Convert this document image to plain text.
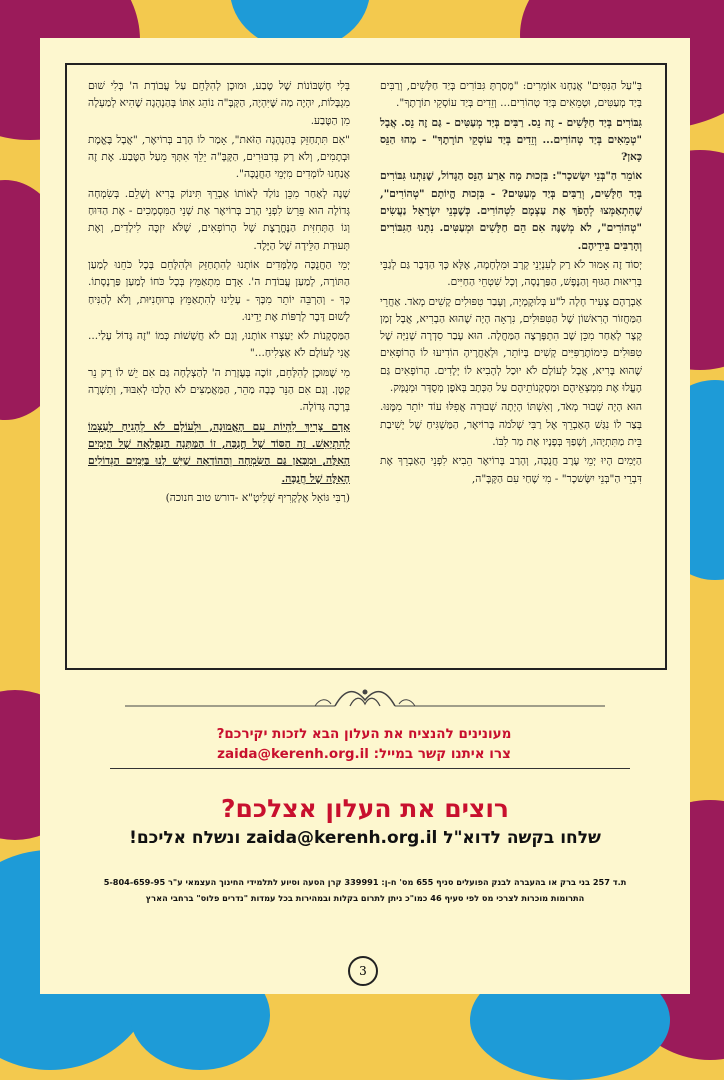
בְּ"עַל הַנִּסִּים" אֲנַחְנוּ אוֹמְרִים: "מָסַרְתָּ גִּבּוֹרִים בְּיַד חַלָּשִׁים, וְרַבִּים בְּיַד מְעַטִּים, וּטְמֵאִים בְּיַד טְהוֹרִים... וְזֵדִים בְּיַד עוֹסְקֵי תוֹרָתֶךָ".

גִּבּוֹרִים בְּיַד חַלָּשִׁים - זֶה נֵס. רַבִּים בְּיַד מְעַטִּים - גַּם זֶה נֵס. אֲבָל "טְמֵאִים בְּיַד טְהוֹרִים... וְזֵדִים בְּיַד עוֹסְקֵי תוֹרָתֶךָ" - מַהוּ הַנֵּס כָּאן?

אוֹמֵר הַ"בְּנֵי יִשָּׂשכָר": בִּזְכוּת מָה אֵרַע הַנֵּס הַגָּדוֹל, שֶׁנִּתְּנוּ גִּבּוֹרִים בְּיַד חַלָּשִׁים, וְרַבִּים בְּיַד מְעַטִּים? - בִּזְכוּת הֱיוֹתָם "טְהוֹרִים", שֶׁהִתְאַמְּצוּ לְהָפֹךְ אֶת עַצְמָם לִטְהוֹרִים. כְּשֶׁבְּנֵי יִשְׂרָאֵל נַעֲשִׂים "טְהוֹרִים", לֹא מְשַׁנֶּה אִם הֵם חַלָּשִׁים וּמְעַטִּים. נִתָּנוּ הַגִּבּוֹרִים וְהָרַבִּים בִּידֵיהֶם.

יְסוֹד זֶה אָמוּר לֹא רַק לְעִנְיְנֵי קְרָב וּמִלְחָמָה, אֶלָּא כָּךְ הַדָּבָר גַּם לְגַבֵּי בְּרִיאוּת הַגּוּף וְהַנֶּפֶשׁ, הַפַּרְנָסָה, וְכָל שִׁטְחֵי הַחַיִּים.

אַבְרָהָם צָעִיר חָלָה ל"ע בְּלוּקֶמְיָה, וְעָבַר טִפּוּלִים קָשִׁים מְאֹד. אַחֲרֵי הַמַּחֲזוֹר הָרִאשׁוֹן שֶׁל הַטִּפּוּלִים, נִרְאָה הָיָה שֶׁהוּא הַבְרִיא, אֲבָל זְמַן קָצָר לְאַחַר מִכֵּן שָׁב הִתְפָּרְצָה הַמַּחֲלָה. הוּא עָבַר סִדְרָה שְׁנִיָּה שֶׁל טִפּוּלִים כִּימוֹתֶרַפִּיִּים קָשִׁים בְּיוֹתֵר, וּלְאַחֲרֶיהָ הוֹדִיעוּ לוֹ הָרוֹפְאִים שֶׁהוּא בָּרִיא, אֲבָל לְעוֹלָם לֹא יוּכַל לְהָבִיא לוֹ יְלָדִים. הָרוֹפְאִים גַּם הֶעֱלוּ אֶת מִמְצְאֵיהֶם וּמַסְקָנוֹתֵיהֶם עַל הַכְּתָב בְּאֹפֶן מְסֻדָּר וּמְנֻמָּק.

הוּא הָיָה שָׁבוּר מְאֹד, וְאִשְׁתּוֹ הָיְתָה שְׁבוּרָה אֲפִלּוּ עוֹד יוֹתֵר מִמֶּנּוּ. בְּצַר לוֹ נִגַּשׁ הָאַבְרֵךְ אֶל רַבִּי שְׁלֹמֹה בְּרוֹיאֶר, הַמַּשְׁגִּיחַ שֶׁל יְשִׁיבַת בֵּית מַתִּתְיָהוּ, וְשָׁפַךְ בְּפָנָיו אֶת מַר לִבּוֹ.

הַיָּמִים הָיוּ יְמֵי עֶרֶב חֲנֻכָּה, וְהָרַב בְּרוֹיאֶר הֵבִיא לִפְנֵי הָאַבְרֵךְ אֶת דִּבְרֵי הַ"בְּנֵי יִשָּׂשכָר" - מִי שֶׁחַי עִם הַקָּבָּ"ה,

בְּלִי חֶשְׁבּוֹנוֹת שֶׁל טֶבַע, וּמוּכָן לְהִלָּחֵם עַל עֲבוֹדַת ה' בְּלִי שׁוּם מִגְבָּלוֹת, יִהְיֶה מַה שֶּׁיִּהְיֶה, הַקָּבָּ"ה נוֹהֵג אִתּוֹ בְּהַנְהָגָה שֶׁהִיא לְמַעְלָה מִן הַטֶּבַע.

"אִם תִּתְחַזֵּק בְּהַנְהָגָה הַזֹּאת", אָמַר לוֹ הָרַב בְּרוֹיאֶר, "אֲבָל בֶּאֱמֶת וּבְתָמִים, וְלֹא רַק בְּדִבּוּרִים, הַקָּבָּ"ה יֵלֵךְ אִתְּךָ מֵעַל הַטֶּבַע. אֶת זֶה אֲנַחְנוּ לוֹמְדִים מִיְּמֵי הַחֲנֻכָּה".

שָׁנָה לְאַחַר מִכֵּן נוֹלַד לְאוֹתוֹ אַבְרֵךְ תִּינוֹק בָּרִיא וְשָׁלֵם. בְּשִׂמְחָה גְּדוֹלָה הוּא פֵּרֵשׂ לִפְנֵי הָרַב בְּרוֹיאֶר אֶת שְׁנֵי הַמִּסְמָכִים - אֶת הַדּוּחַ וְגוֹ הַתְּחִזִּית הַנֶּחֱרֶצֶת שֶׁל הָרוֹפְאִים, שֶׁלֹּא יִזְכֶּה לִילָדִים, וְאֶת תְּעוּדַת הַלֵּידָה שֶׁל הַיֶּלֶד.

יְמֵי הַחֲנֻכָּה מְלַמְּדִים אוֹתָנוּ לְהִתְחַזֵּק וּלְהִלָּחֵם בְּכָל כֹּחֵנוּ לְמַעַן הַתּוֹרָה, לְמַעַן עֲבוֹדַת ה'. אָדָם מִתְאַמֵּץ בְּכָל כֹּחוֹ לְמַעַן פַּרְנָסָתוֹ. כָּךְ - וְהַרְבֵּה יוֹתֵר מִכָּךְ - עָלֵינוּ לְהִתְאַמֵּץ בְּרוּחָנִיּוּת, וְלֹא לְהַנִּיחַ לְשׁוּם דָּבָר לְרַפּוֹת אֶת יָדֵינוּ.

הַמַּסְקָנוֹת לֹא יַעַצְרוּ אוֹתָנוּ, וְגַם לֹא חֲשָׁשׁוֹת כְּמוֹ "זֶה גָּדוֹל עָלַי... אֲנִי לְעוֹלָם לֹא אַצְלִיחַ..."

מִי שֶׁמּוּכָן לְהִלָּחֵם, זוֹכֶה בְּעֶזְרַת ה' לְהַצְלָחָה גַּם אִם יֵשׁ לוֹ רַק נֵר קָטָן. וְגַם אִם הַנֵּר כָּבָה מַהֵר, הַמַּאֲמַצִּים לֹא הָלְכוּ לְאִבּוּד, וְתִשְׁרֶה בְּרָכָה גְּדוֹלָה.

אָדָם צָרִיךְ לִהְיוֹת עִם הָאֱמוּנָה, וּלְעוֹלָם לֹא לְהָנִיחַ לְעַצְמוֹ לְהִתְיָאֵשׁ. זֶה הַסּוֹד שֶׁל חֲנֻכָּה, זוֹ הַמַּתָּנָה הַנִּפְלָאָה שֶׁל הַיָּמִים הָאֵלֶּה, וּמִכָּאן גַּם הַשִּׂמְחָה וְהַהוֹדָאָה שֶׁיֵּשׁ לָנוּ בַּיָּמִים הַגְּדוֹלִים הָאֵלֶּה שֶׁל חֲנֻכָּה.

(רַבִּי גּוֹאֵל אֶלְקָרִיף שְׁלִיטָ"א -דורש טוב חנוכה)

מעונינים להנציח את העלון הבא לזכות יקירכם?
צרו איתנו קשר במייל: zaida@kerenh.org.il
רוצים את העלון אצלכם?
שלחו בקשה לדוא"ל zaida@kerenh.org.il ונשלח אליכם!
ת.ד 257 בני ברק או בהעברה לבנק הפועלים סניף 655 מס' ח-ן: 339991 קרן הסעה וסיוע לתלמידי החינוך העצמאי ע"ר 5-804-659-95
התרומות מוכרות לצרכי מס לפי סעיף 46 כמו"כ ניתן לתרום בקלות ובמהירות בכל עמדות "נדרים פלוס" ברחבי הארץ
3
